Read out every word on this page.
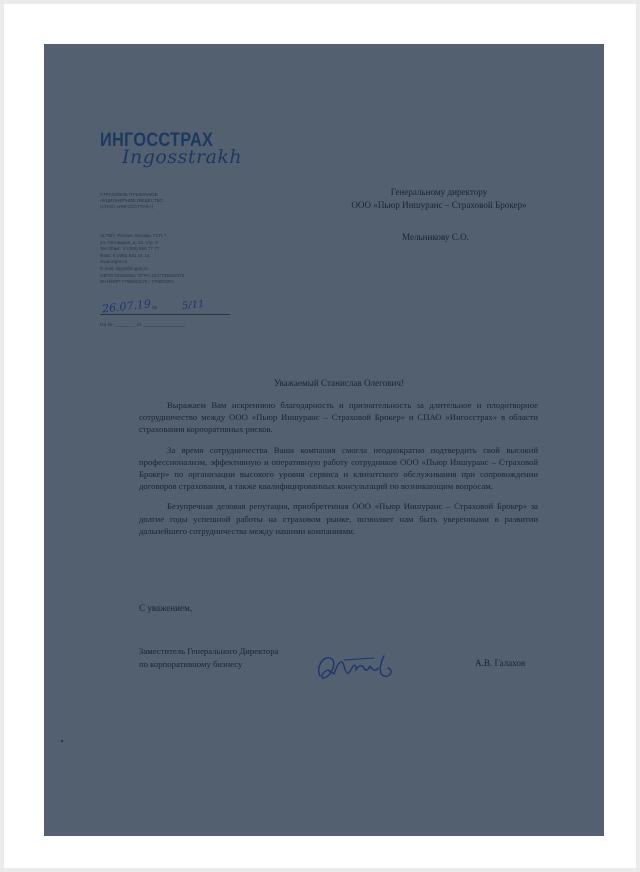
ИНГОССТРАХ
Ingosstrakh
СТРАХОВОЕ ПУБЛИЧНОЕ
АКЦИОНЕРНОЕ ОБЩЕСТВО
(СПАО «ИНГОССТРАХ»)
117997, Россия, Москва, ГСП-7,
ул. Пятницкая, д. 12, стр. 2
Тел./Факс: 8 (495) 956 77 77
Факс: 8 (495) 641 41 14
www.ingos.ru
E-mail: ingos@ingos.ru
ОКПО 02250942, ОГРН 1027739362474
ИНН/КПП 7705042179 / 775001001
26.07.19 № 5/11
На № ________ от ________________
Генеральному директору
ООО «Пьюр Иншуранс – Страховой Брокер»
Мельникову С.О.
Уважаемый Станислав Олегович!

Выражаем Вам искреннюю благодарность и признательность за длительное и плодотворное сотрудничество между ООО «Пьюр Иншуранс – Страховой Брокер» и СПАО «Ингосстрах» в области страхования корпоративных рисков.

За время сотрудничества Ваша компания смогла неоднократно подтвердить свой высокий профессионализм, эффективную и оперативную работу сотрудников ООО «Пьюр Иншуранс – Страховой Брокер» по организации высокого уровня сервиса и клиентского обслуживания при сопровождении договоров страхования, а также квалифицированных консультаций по возникающим вопросам.

Безупречная деловая репутация, приобретенная ООО «Пьюр Иншуранс – Страховой Брокер» за долгие годы успешной работы на страховом рынке, позволяет нам быть уверенными в развитии дальнейшего сотрудничества между нашими компаниями.

С уважением,
Заместитель Генерального Директора
по корпоративному бизнесу	А.В. Галахов
